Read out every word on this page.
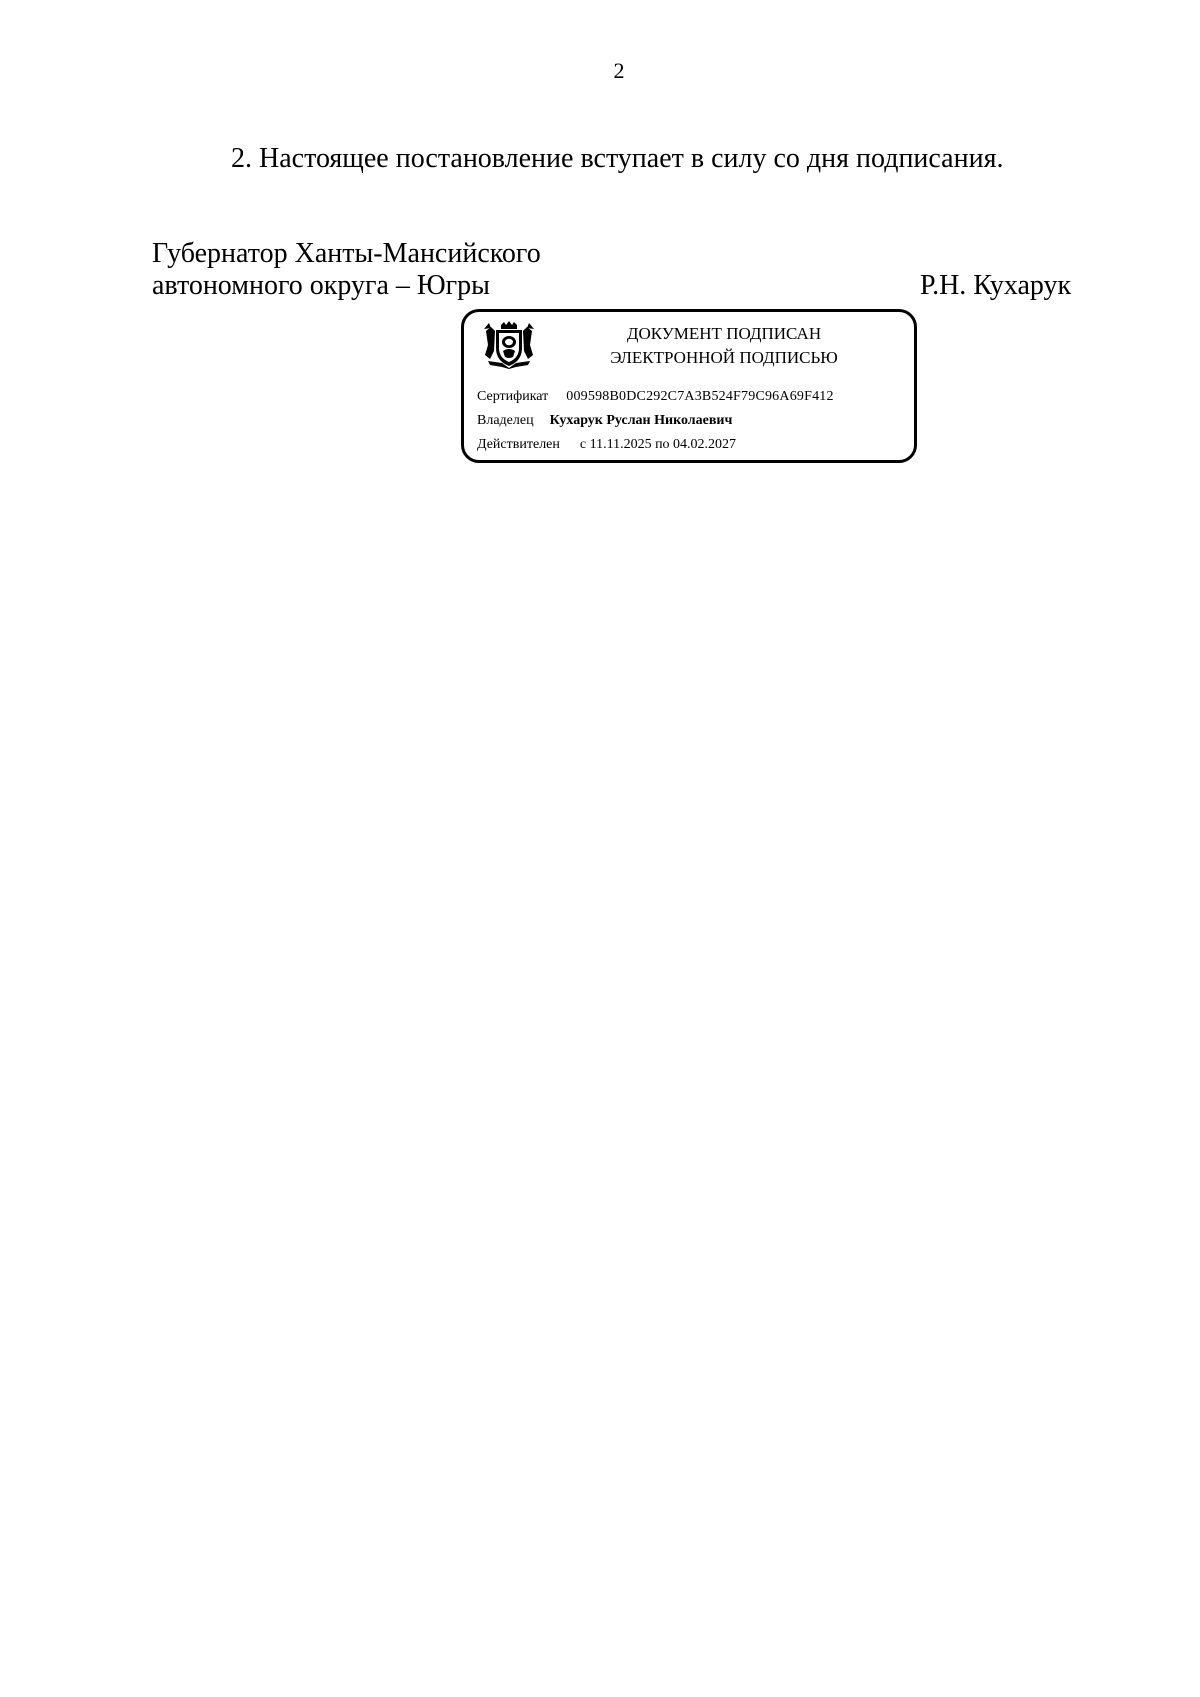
2
2. Настоящее постановление вступает в силу со дня подписания.
Губернатор Ханты-Мансийского
автономного округа – Югры	Р.Н. Кухарук
ДОКУМЕНТ ПОДПИСАН
ЭЛЕКТРОННОЙ ПОДПИСЬЮ
Сертификат 009598B0DC292C7A3B524F79C96A69F412
Владелец Кухарук Руслан Николаевич
Действителен с 11.11.2025 по 04.02.2027
